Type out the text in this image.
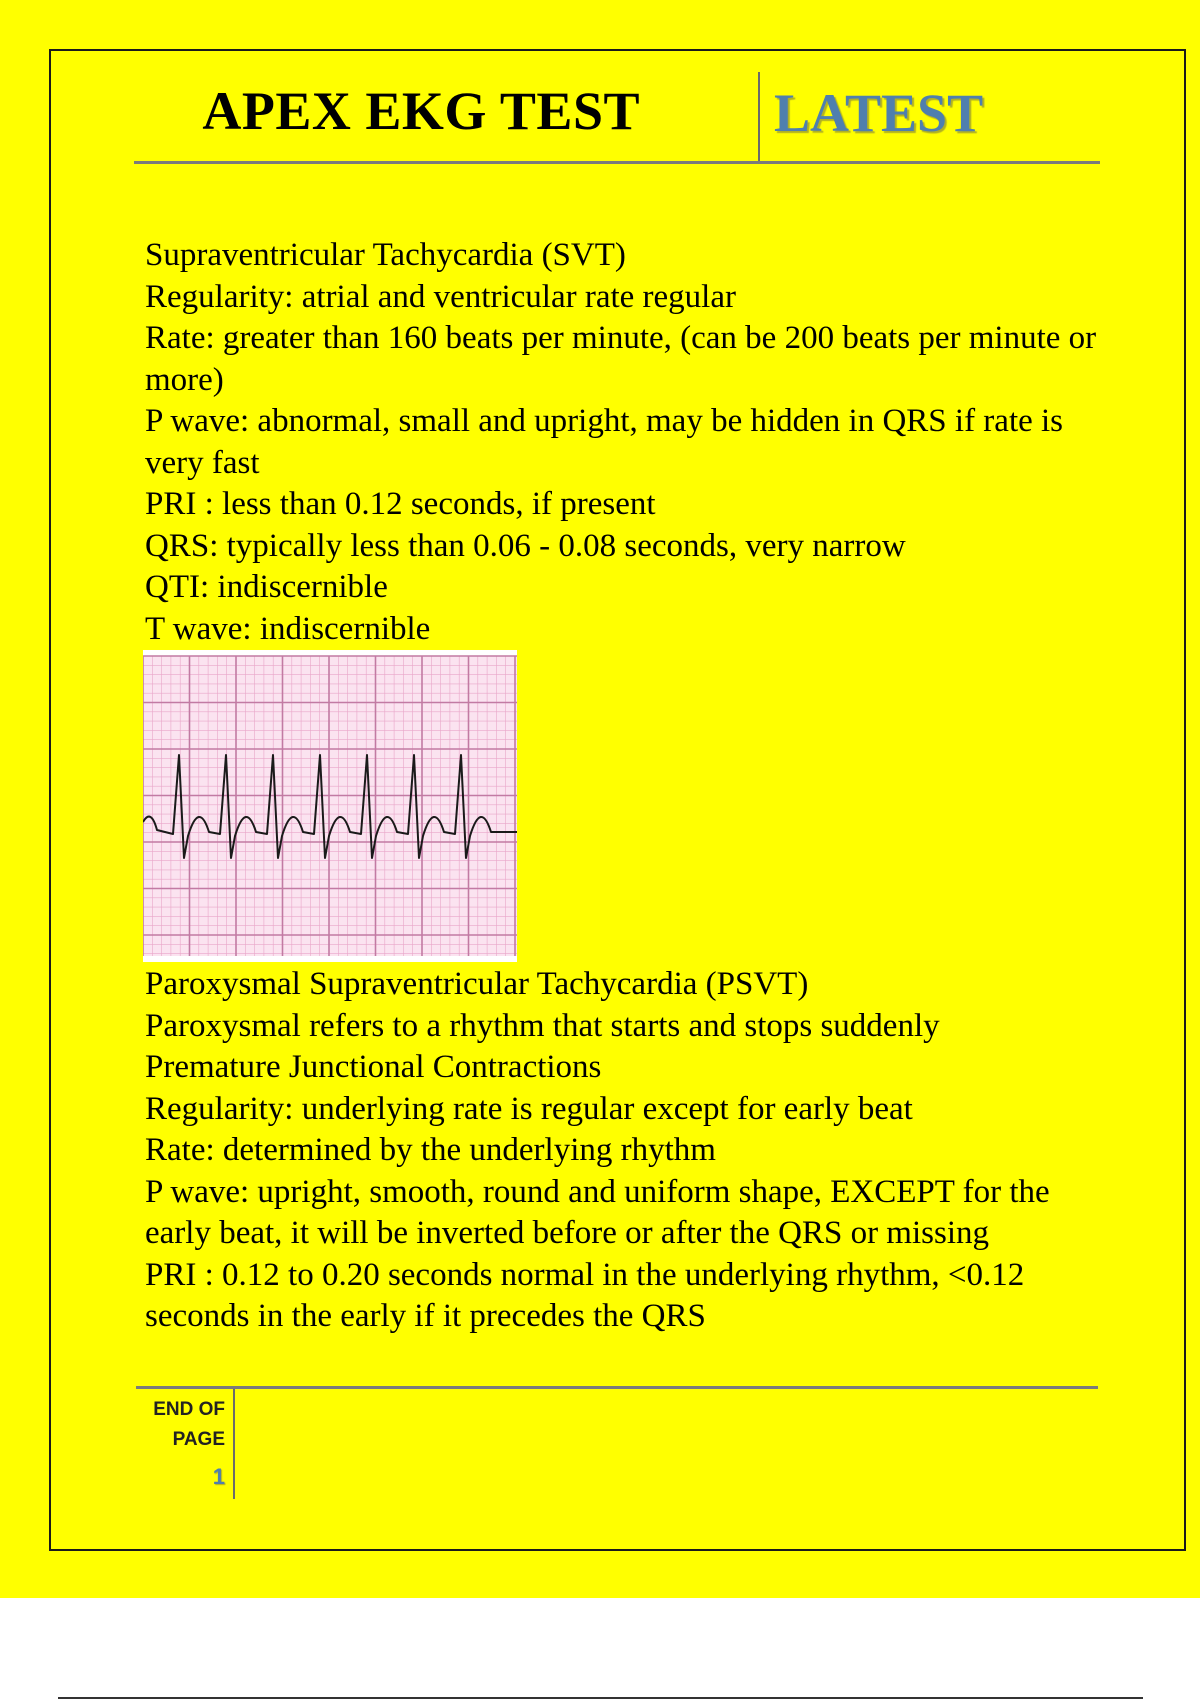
APEX EKG TEST LATEST

Supraventricular Tachycardia (SVT)

Regularity: atrial and ventricular rate regular

Rate: greater than 160 beats per minute, (can be 200 beats per minute or more)

P wave: abnormal, small and upright, may be hidden in QRS if rate is very fast

PRI : less than 0.12 seconds, if present

QRS: typically less than 0.06 - 0.08 seconds, very narrow

QTI: indiscernible

T wave: indiscernible

Paroxysmal Supraventricular Tachycardia (PSVT)

Paroxysmal refers to a rhythm that starts and stops suddenly

Premature Junctional Contractions

Regularity: underlying rate is regular except for early beat

Rate: determined by the underlying rhythm

P wave: upright, smooth, round and uniform shape, EXCEPT for the early beat, it will be inverted before or after the QRS or missing

PRI : 0.12 to 0.20 seconds normal in the underlying rhythm, <0.12 seconds in the early if it precedes the QRS

END OF
PAGE
1
